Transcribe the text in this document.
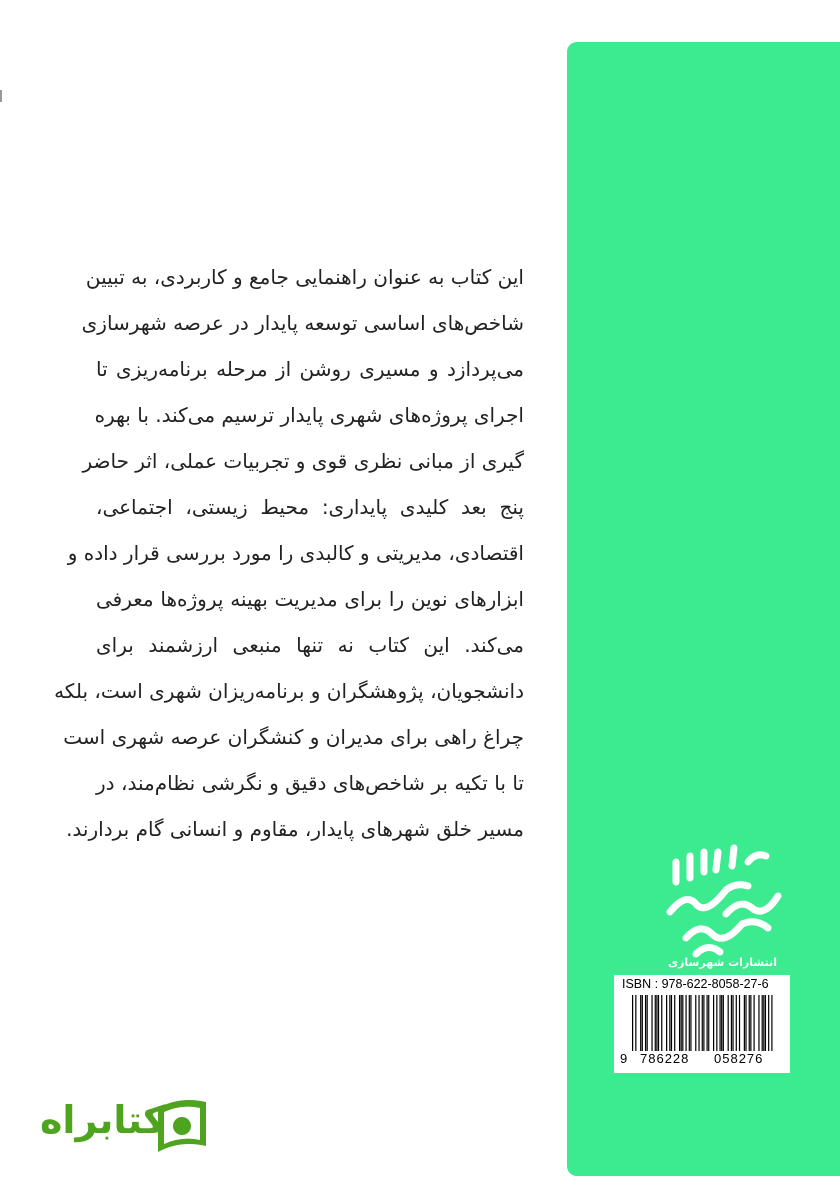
این کتاب به عنوان راهنمایی جامع و کاربردی، به تبیین
شاخص‌های اساسی توسعه پایدار در عرصه شهرسازی
می‌پردازد و مسیری روشن از مرحله برنامه‌ریزی تا
اجرای پروژه‌های شهری پایدار ترسیم می‌کند. با بهره
گیری از مبانی نظری قوی و تجربیات عملی، اثر حاضر
پنج بعد کلیدی پایداری: محیط زیستی، اجتماعی،
اقتصادی، مدیریتی و کالبدی را مورد بررسی قرار داده و
ابزارهای نوین را برای مدیریت بهینه پروژه‌ها معرفی
می‌کند. این کتاب نه تنها منبعی ارزشمند برای
دانشجویان، پژوهشگران و برنامه‌ریزان شهری است، بلکه
چراغ راهی برای مدیران و کنشگران عرصه شهری است
تا با تکیه بر شاخص‌های دقیق و نگرشی نظام‌مند، در
مسیر خلق شهرهای پایدار، مقاوم و انسانی گام بردارند.
انتشارات شهرسازی
ISBN : 978-622-8058-27-6
9 786228 058276
کتابراه
